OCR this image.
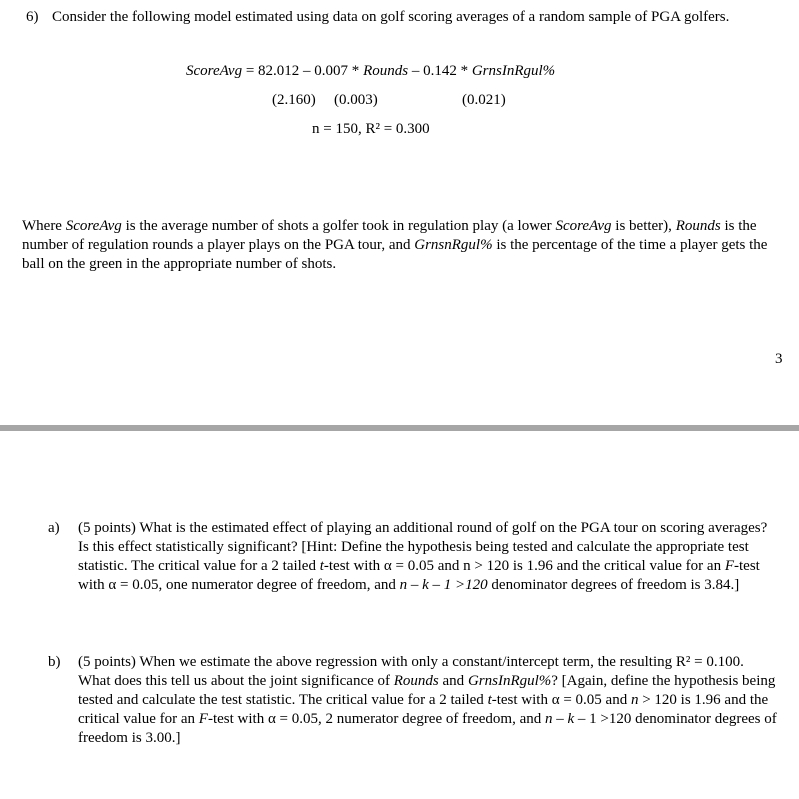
6) Consider the following model estimated using data on golf scoring averages of a random sample of PGA golfers.
ScoreAvg = 82.012 – 0.007 * Rounds – 0.142 * GrnsInRgul%
(2.160) (0.003)	(0.021)
n = 150, R² = 0.300
Where ScoreAvg is the average number of shots a golfer took in regulation play (a lower ScoreAvg is better), Rounds is the number of regulation rounds a player plays on the PGA tour, and GrnsnRgul% is the percentage of the time a player gets the ball on the green in the appropriate number of shots.
3
a) (5 points) What is the estimated effect of playing an additional round of golf on the PGA tour on scoring averages? Is this effect statistically significant? [Hint: Define the hypothesis being tested and calculate the appropriate test statistic. The critical value for a 2 tailed t-test with α = 0.05 and n > 120 is 1.96 and the critical value for an F-test with α = 0.05, one numerator degree of freedom, and n – k – 1 >120 denominator degrees of freedom is 3.84.]
b) (5 points) When we estimate the above regression with only a constant/intercept term, the resulting R² = 0.100. What does this tell us about the joint significance of Rounds and GrnsInRgul%? [Again, define the hypothesis being tested and calculate the test statistic. The critical value for a 2 tailed t-test with α = 0.05 and n > 120 is 1.96 and the critical value for an F-test with α = 0.05, 2 numerator degree of freedom, and n – k – 1 >120 denominator degrees of freedom is 3.00.]
